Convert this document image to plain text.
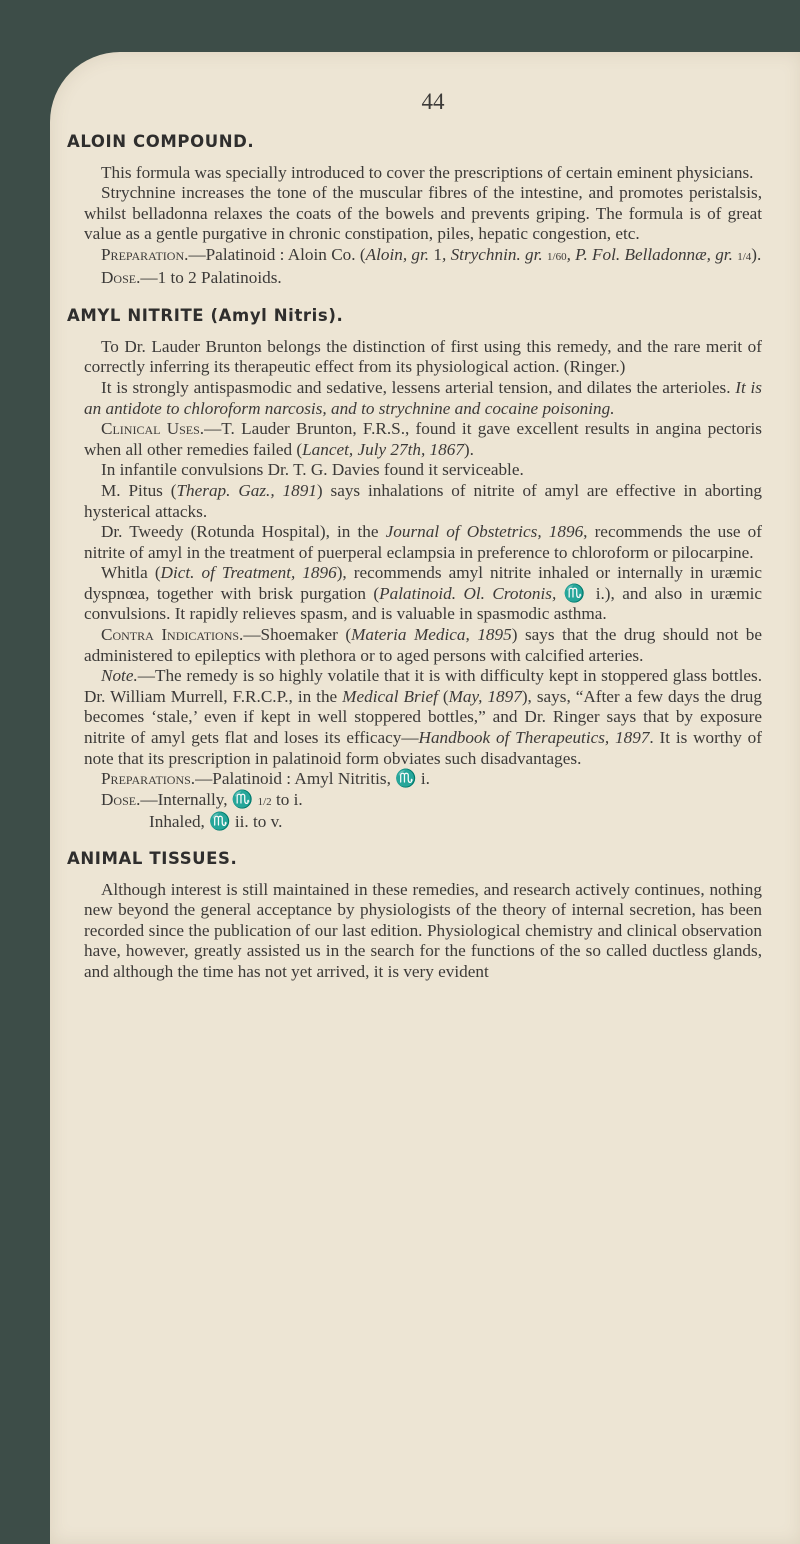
44
ALOIN COMPOUND.

This formula was specially introduced to cover the prescriptions of certain eminent physicians.

Strychnine increases the tone of the muscular fibres of the intestine, and promotes peristalsis, whilst belladonna relaxes the coats of the bowels and prevents griping. The formula is of great value as a gentle purgative in chronic constipation, piles, hepatic congestion, etc.

Preparation.—Palatinoid : Aloin Co. (Aloin, gr. 1, Strychnin. gr. 1/60, P. Fol. Belladonnæ, gr. 1/4).

Dose.—1 to 2 Palatinoids.

AMYL NITRITE (Amyl Nitris).

To Dr. Lauder Brunton belongs the distinction of first using this remedy, and the rare merit of correctly inferring its therapeutic effect from its physiological action. (Ringer.)

It is strongly antispasmodic and sedative, lessens arterial tension, and dilates the arterioles. It is an antidote to chloroform narcosis, and to strychnine and cocaine poisoning.

Clinical Uses.—T. Lauder Brunton, F.R.S., found it gave excellent results in angina pectoris when all other remedies failed (Lancet, July 27th, 1867).

In infantile convulsions Dr. T. G. Davies found it serviceable.

M. Pitus (Therap. Gaz., 1891) says inhalations of nitrite of amyl are effective in aborting hysterical attacks.

Dr. Tweedy (Rotunda Hospital), in the Journal of Obstetrics, 1896, recommends the use of nitrite of amyl in the treatment of puerperal eclampsia in preference to chloroform or pilocarpine.

Whitla (Dict. of Treatment, 1896), recommends amyl nitrite inhaled or internally in uræmic dyspnœa, together with brisk purgation (Palatinoid. Ol. Crotonis, ♏ i.), and also in uræmic convulsions. It rapidly relieves spasm, and is valuable in spasmodic asthma.

Contra Indications.—Shoemaker (Materia Medica, 1895) says that the drug should not be administered to epileptics with plethora or to aged persons with calcified arteries.

Note.—The remedy is so highly volatile that it is with difficulty kept in stoppered glass bottles. Dr. William Murrell, F.R.C.P., in the Medical Brief (May, 1897), says, “After a few days the drug becomes ‘stale,’ even if kept in well stoppered bottles,” and Dr. Ringer says that by exposure nitrite of amyl gets flat and loses its efficacy—Handbook of Therapeutics, 1897. It is worthy of note that its prescription in palatinoid form obviates such disadvantages.

Preparations.—Palatinoid : Amyl Nitritis, ♏ i.

Dose.—Internally, ♏ 1/2 to i.

Inhaled, ♏ ii. to v.

ANIMAL TISSUES.

Although interest is still maintained in these remedies, and research actively continues, nothing new beyond the general acceptance by physiologists of the theory of internal secretion, has been recorded since the publication of our last edition. Physiological chemistry and clinical observation have, however, greatly assisted us in the search for the functions of the so called ductless glands, and although the time has not yet arrived, it is very evident
